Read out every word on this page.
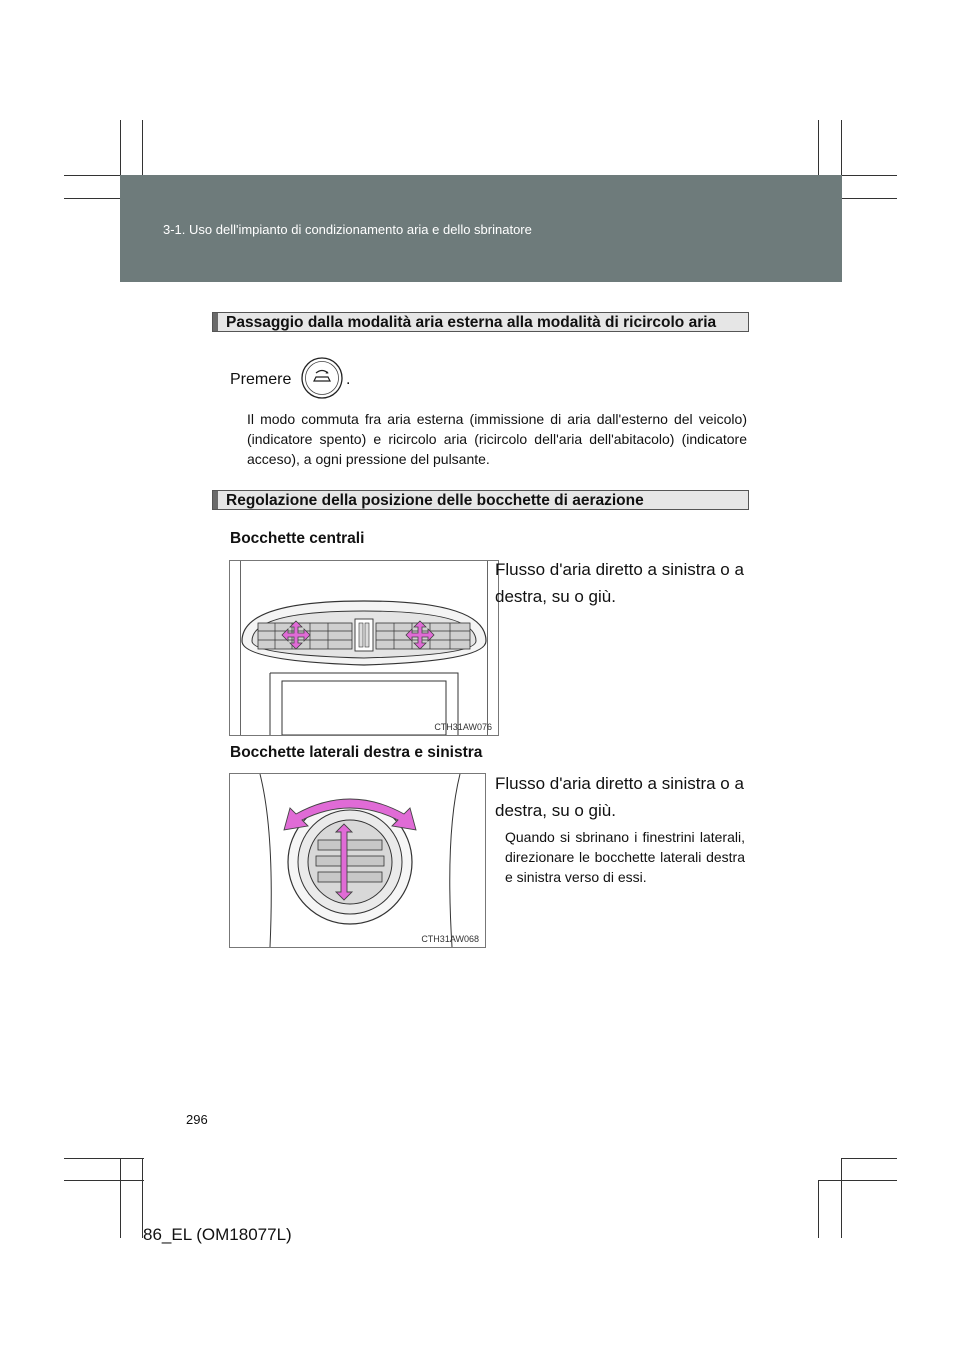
3-1. Uso dell'impianto di condizionamento aria e dello sbrinatore
Passaggio dalla modalità aria esterna alla modalità di ricircolo aria
Premere	.
Il modo commuta fra aria esterna (immissione di aria dall'esterno del veicolo) (indicatore spento) e ricircolo aria (ricircolo dell'aria dell'abitacolo) (indicatore acceso), a ogni pressione del pulsante.
Regolazione della posizione delle bocchette di aerazione
Bocchette centrali
CTH31AW076
Flusso d'aria diretto a sinistra o a destra, su o giù.
Bocchette laterali destra e sinistra
CTH31AW068
Flusso d'aria diretto a sinistra o a destra, su o giù.
Quando si sbrinano i finestrini laterali, direzionare le bocchette laterali destra e sinistra verso di essi.
296
86_EL (OM18077L)
